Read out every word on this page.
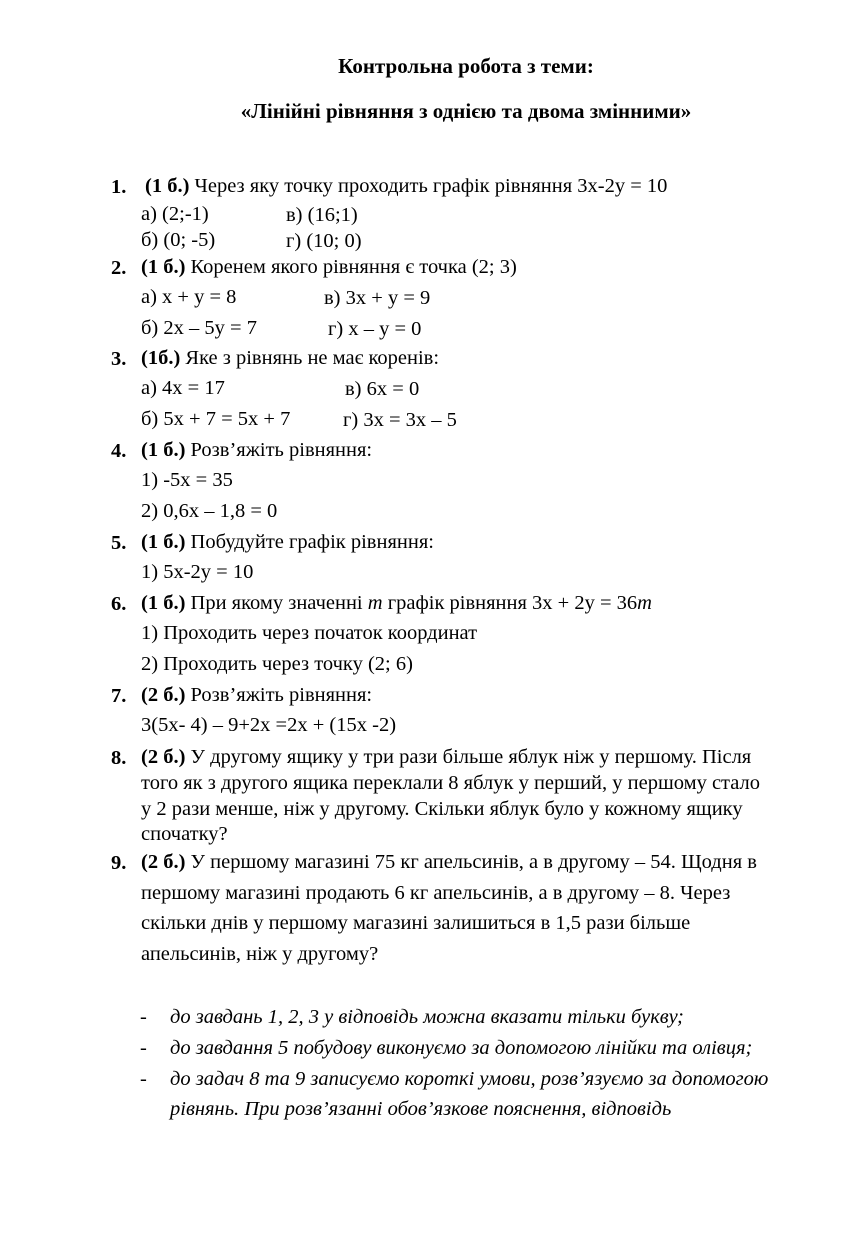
Контрольна робота з теми:
«Лінійні рівняння з однією та двома змінними»
1. (1 б.) Через яку точку проходить графік рівняння 3х-2у = 10
а) (2;-1)	в) (16;1)
б) (0; -5)	г) (10; 0)
2. (1 б.) Коренем якого рівняння є точка (2; 3)
а) х + у = 8	в) 3х + у = 9
б) 2х – 5у = 7	г) х – у = 0
3. (1б.) Яке з рівнянь не має коренів:
а) 4х = 17	в) 6х = 0
б) 5х + 7 = 5х + 7	г) 3х = 3х – 5
4. (1 б.) Розв’яжіть рівняння:
1) -5х = 35
2) 0,6х – 1,8 = 0
5. (1 б.) Побудуйте графік рівняння:
1) 5х-2у = 10
6. (1 б.) При якому значенні m графік рівняння 3х + 2у = 36m
1) Проходить через початок координат
2) Проходить через точку (2; 6)
7. (2 б.) Розв’яжіть рівняння:
3(5х- 4) – 9+2х =2х + (15х -2)
8. (2 б.) У другому ящику у три рази більше яблук ніж у першому. Після
того як з другого ящика переклали 8 яблук у перший, у першому стало
у 2 рази менше, ніж у другому. Скільки яблук було у кожному ящику
спочатку?
9. (2 б.) У першому магазині 75 кг апельсинів, а в другому – 54. Щодня в
першому магазині продають 6 кг апельсинів, а в другому – 8. Через
скільки днів у першому магазині залишиться в 1,5 рази більше
апельсинів, ніж у другому?
- до завдань 1, 2, 3 у відповідь можна вказати тільки букву;
- до завдання 5 побудову виконуємо за допомогою лінійки та олівця;
- до задач 8 та 9 записуємо короткі умови, розв’язуємо за допомогою
рівнянь. При розв’язанні обов’язкове пояснення, відповідь
